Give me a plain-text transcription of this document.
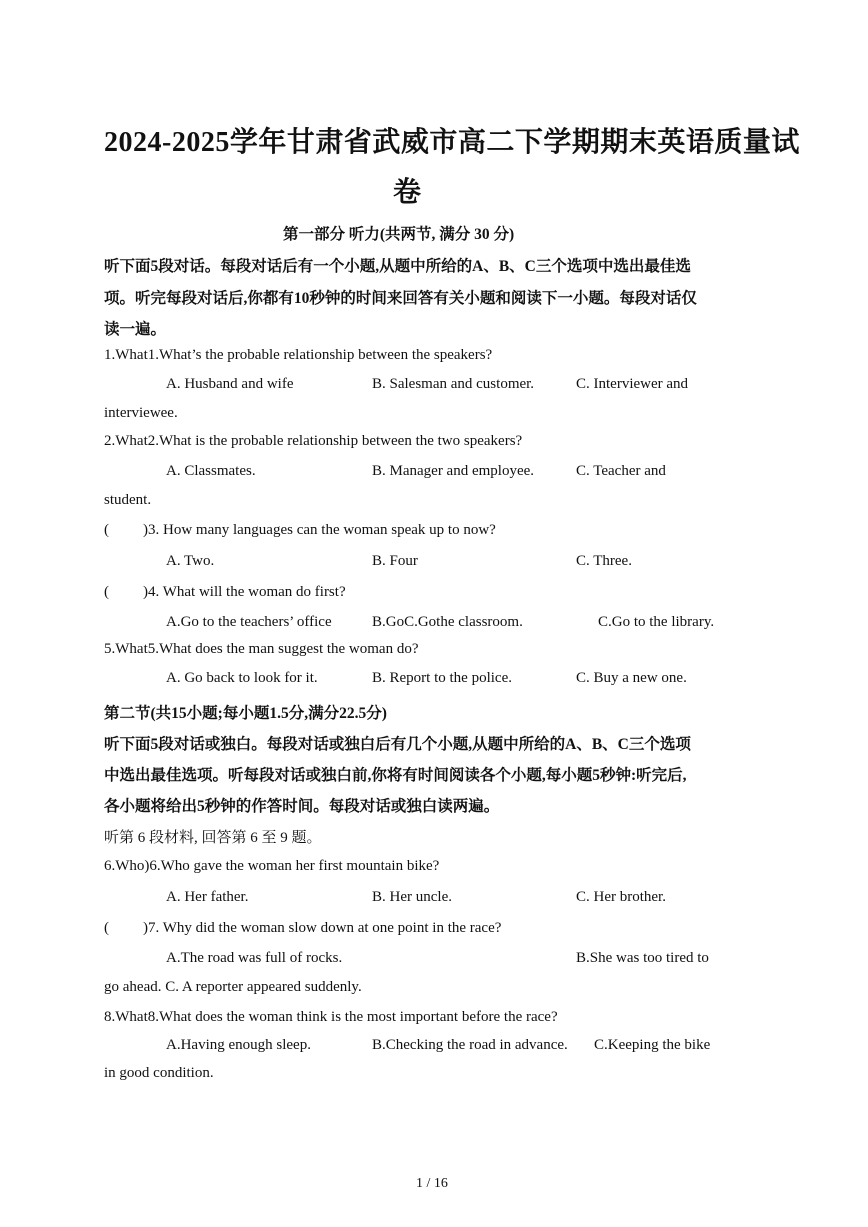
2024-2025学年甘肃省武威市高二下学期期末英语质量试
卷
第一部分 听力(共两节, 满分 30 分)
听下面5段对话。每段对话后有一个小题,从题中所给的A、B、C三个选项中选出最佳选
项。听完每段对话后,你都有10秒钟的时间来回答有关小题和阅读下一小题。每段对话仅
读一遍。
1.What1.What’s the probable relationship between the speakers?
A. Husband and wife	B. Salesman and customer.	C. Interviewer and
interviewee.
2.What2.What is the probable relationship between the two speakers?
A. Classmates.	B. Manager and employee.	C. Teacher and
student.
( )3. How many languages can the woman speak up to now?
A. Two.	B. Four	C. Three.
( )4. What will the woman do first?
A.Go to the teachers’ office	B.GoC.Gothe classroom.	C.Go to the library.
5.What5.What does the man suggest the woman do?
A. Go back to look for it.	B. Report to the police.	C. Buy a new one.
第二节(共15小题;每小题1.5分,满分22.5分)
听下面5段对话或独白。每段对话或独白后有几个小题,从题中所给的A、B、C三个选项
中选出最佳选项。听每段对话或独白前,你将有时间阅读各个小题,每小题5秒钟:听完后,
各小题将给出5秒钟的作答时间。每段对话或独白读两遍。
听第 6 段材料, 回答第 6 至 9 题。
6.Who)6.Who gave the woman her first mountain bike?
A. Her father.	B. Her uncle.	C. Her brother.
( )7. Why did the woman slow down at one point in the race?
A.The road was full of rocks.	B.She was too tired to
go ahead. C. A reporter appeared suddenly.
8.What8.What does the woman think is the most important before the race?
A.Having enough sleep.	B.Checking the road in advance. C.Keeping the bike
in good condition.
1 / 16
